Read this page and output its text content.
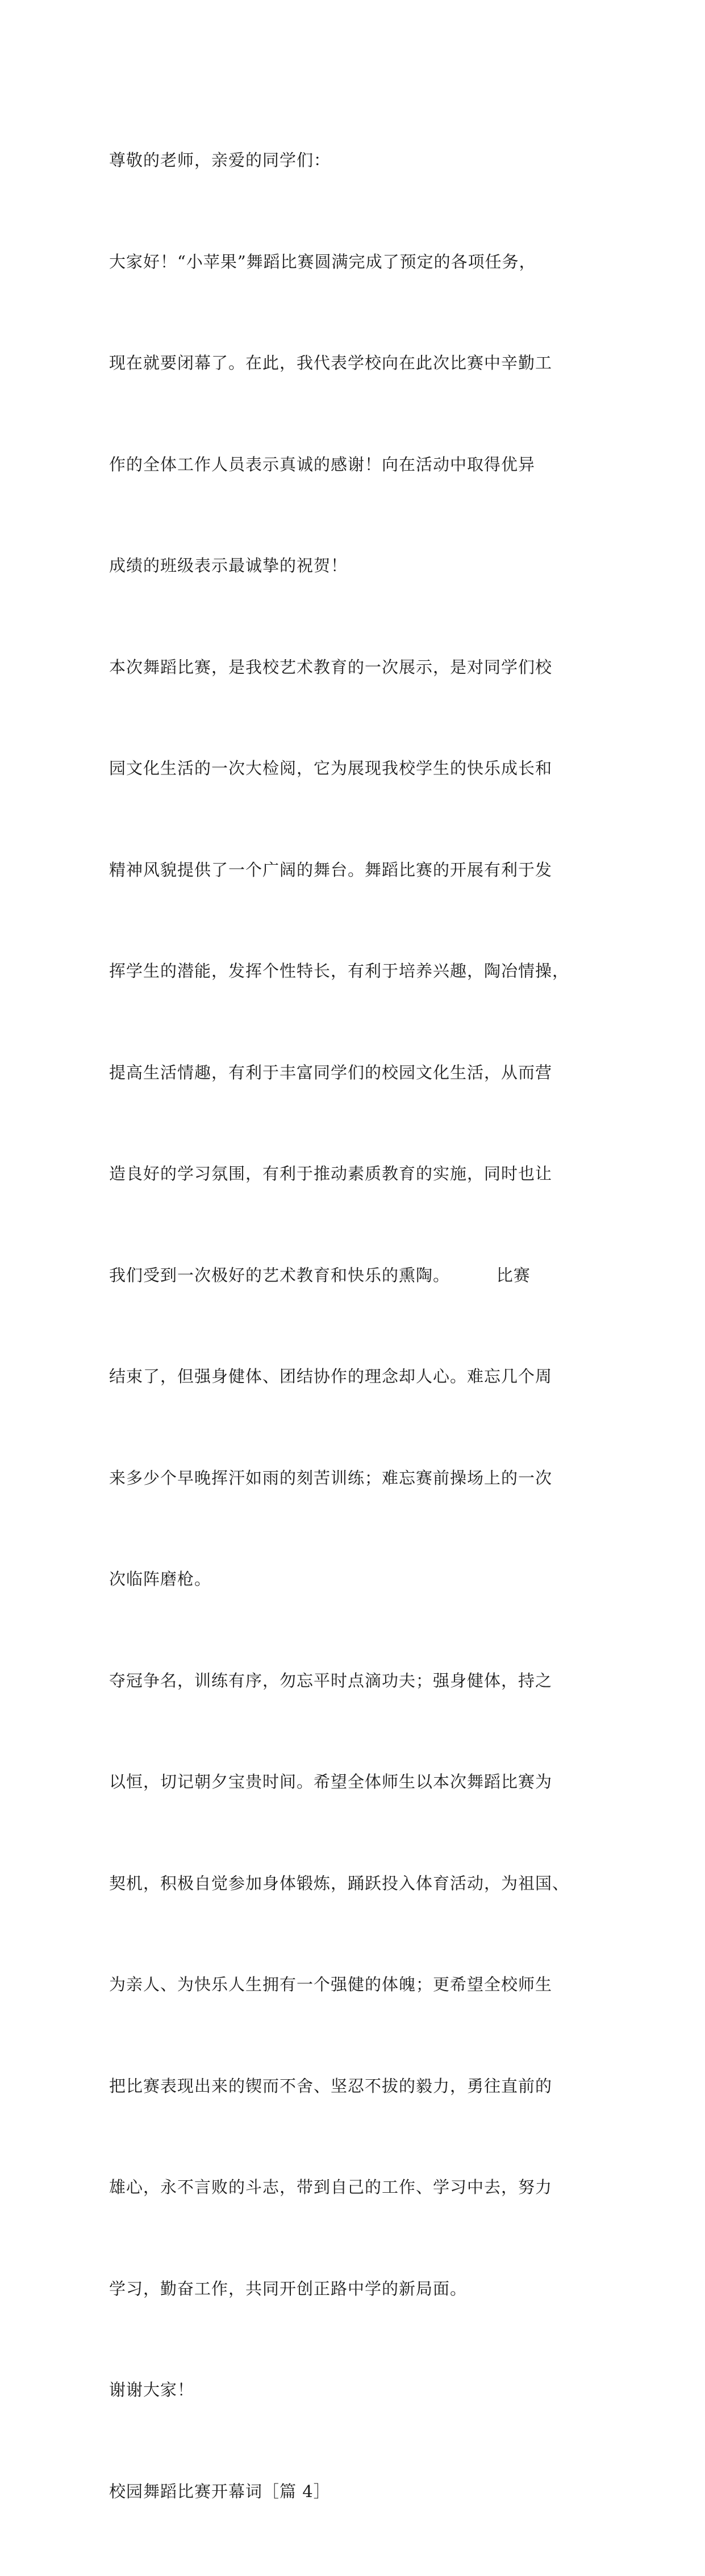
尊敬的老师，亲爱的同学们：

大家好！“小苹果”舞蹈比赛圆满完成了预定的各项任务，

现在就要闭幕了。在此，我代表学校向在此次比赛中辛勤工

作的全体工作人员表示真诚的感谢！向在活动中取得优异

成绩的班级表示最诚挚的祝贺！

本次舞蹈比赛，是我校艺术教育的一次展示，是对同学们校

园文化生活的一次大检阅，它为展现我校学生的快乐成长和

精神风貌提供了一个广阔的舞台。舞蹈比赛的开展有利于发

挥学生的潜能，发挥个性特长，有利于培养兴趣，陶冶情操，

提高生活情趣，有利于丰富同学们的校园文化生活，从而营

造良好的学习氛围，有利于推动素质教育的实施，同时也让

我们受到一次极好的艺术教育和快乐的熏陶。        比赛

结束了，但强身健体、团结协作的理念却人心。难忘几个周

来多少个早晚挥汗如雨的刻苦训练；难忘赛前操场上的一次

次临阵磨枪。

夺冠争名，训练有序，勿忘平时点滴功夫；强身健体，持之

以恒，切记朝夕宝贵时间。希望全体师生以本次舞蹈比赛为

契机，积极自觉参加身体锻炼，踊跃投入体育活动，为祖国、

为亲人、为快乐人生拥有一个强健的体魄；更希望全校师生

把比赛表现出来的锲而不舍、坚忍不拔的毅力，勇往直前的

雄心，永不言败的斗志，带到自己的工作、学习中去，努力

学习，勤奋工作，共同开创正路中学的新局面。

谢谢大家！

校园舞蹈比赛开幕词［篇 4］
